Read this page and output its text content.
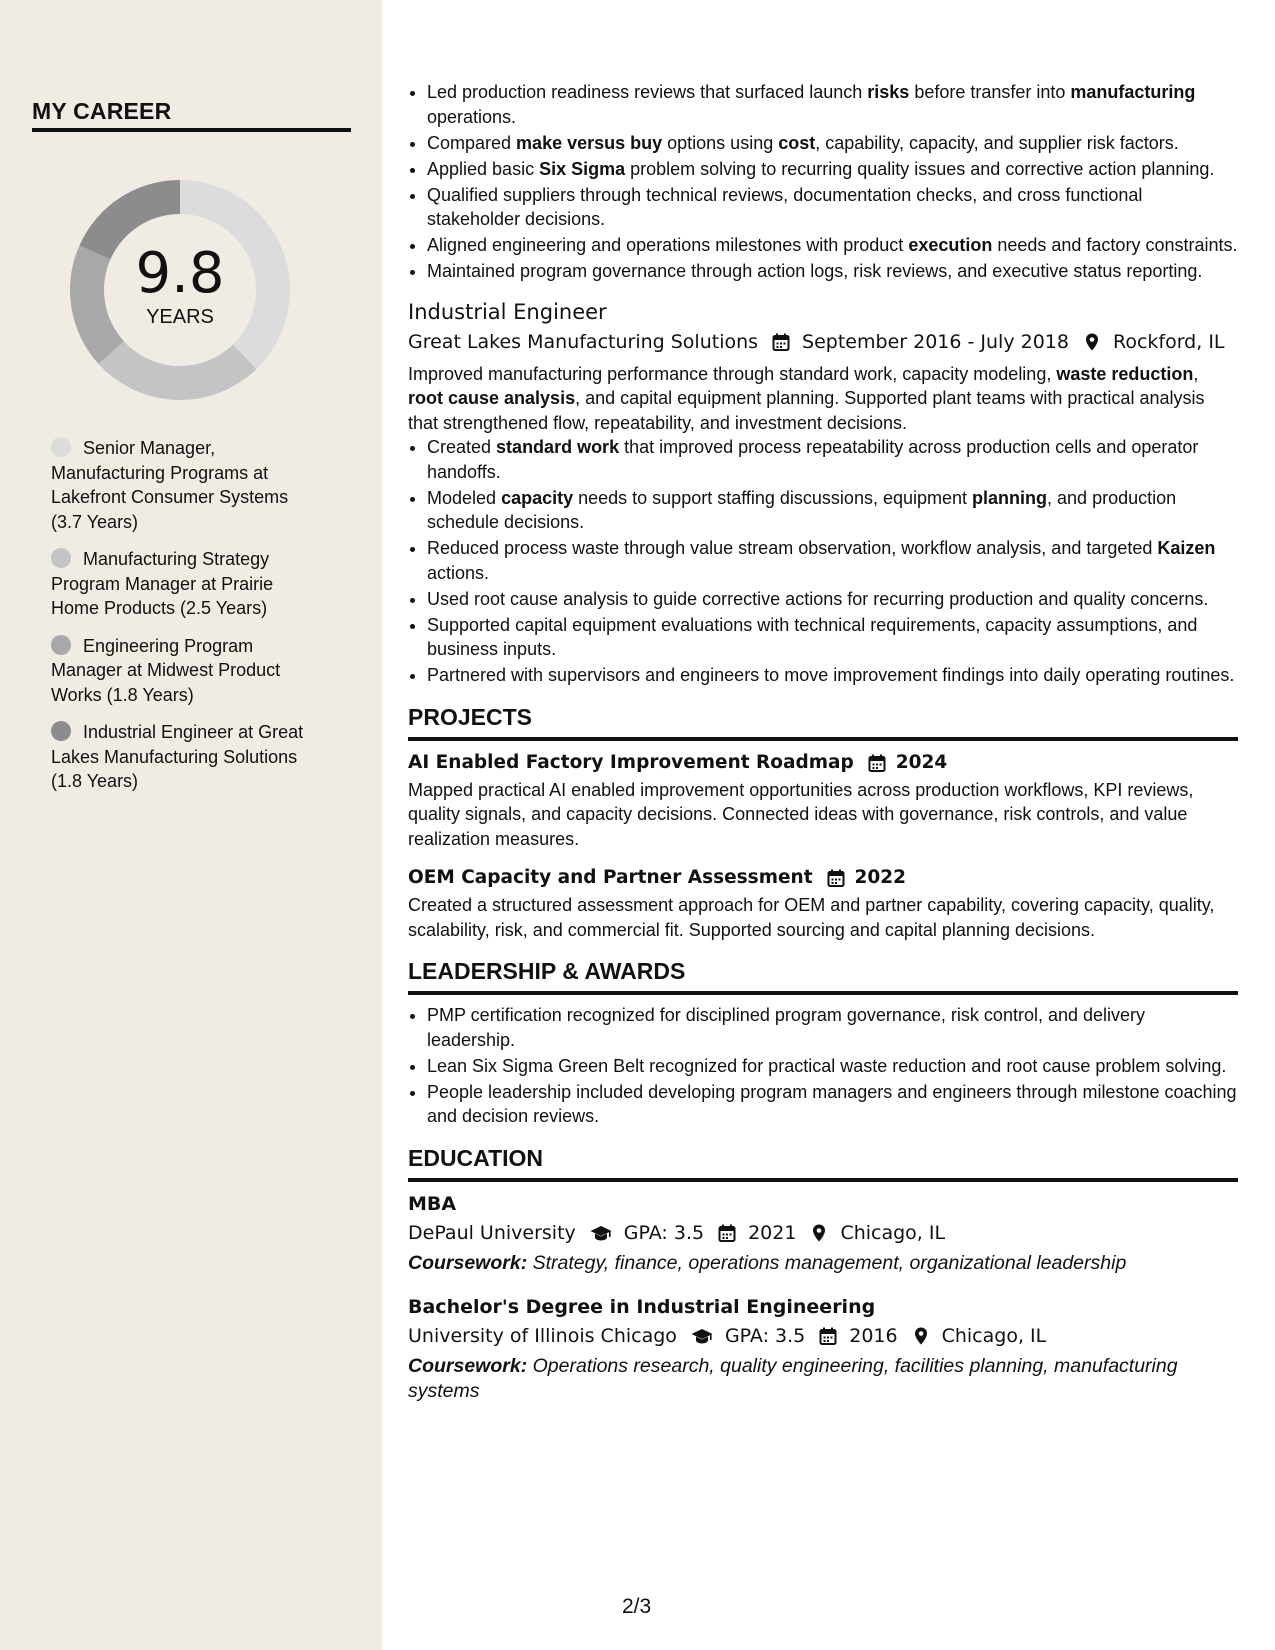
MY CAREER
9.8
YEARS
Senior Manager, Manufacturing Programs at Lakefront Consumer Systems (3.7 Years)
Manufacturing Strategy Program Manager at Prairie Home Products (2.5 Years)
Engineering Program Manager at Midwest Product Works (1.8 Years)
Industrial Engineer at Great Lakes Manufacturing Solutions (1.8 Years)
• Led production readiness reviews that surfaced launch risks before transfer into manufacturing operations.
• Compared make versus buy options using cost, capability, capacity, and supplier risk factors.
• Applied basic Six Sigma problem solving to recurring quality issues and corrective action planning.
• Qualified suppliers through technical reviews, documentation checks, and cross functional stakeholder decisions.
• Aligned engineering and operations milestones with product execution needs and factory constraints.
• Maintained program governance through action logs, risk reviews, and executive status reporting.
Industrial Engineer
Great Lakes Manufacturing Solutions September 2016 - July 2018 Rockford, IL
Improved manufacturing performance through standard work, capacity modeling, waste reduction, root cause analysis, and capital equipment planning. Supported plant teams with practical analysis that strengthened flow, repeatability, and investment decisions.
• Created standard work that improved process repeatability across production cells and operator handoffs.
• Modeled capacity needs to support staffing discussions, equipment planning, and production schedule decisions.
• Reduced process waste through value stream observation, workflow analysis, and targeted Kaizen actions.
• Used root cause analysis to guide corrective actions for recurring production and quality concerns.
• Supported capital equipment evaluations with technical requirements, capacity assumptions, and business inputs.
• Partnered with supervisors and engineers to move improvement findings into daily operating routines.
PROJECTS
AI Enabled Factory Improvement Roadmap 2024
Mapped practical AI enabled improvement opportunities across production workflows, KPI reviews, quality signals, and capacity decisions. Connected ideas with governance, risk controls, and value realization measures.
OEM Capacity and Partner Assessment 2022
Created a structured assessment approach for OEM and partner capability, covering capacity, quality, scalability, risk, and commercial fit. Supported sourcing and capital planning decisions.
LEADERSHIP & AWARDS
• PMP certification recognized for disciplined program governance, risk control, and delivery leadership.
• Lean Six Sigma Green Belt recognized for practical waste reduction and root cause problem solving.
• People leadership included developing program managers and engineers through milestone coaching and decision reviews.
EDUCATION
MBA
DePaul University	GPA: 3.5 2021 Chicago, IL
Coursework: Strategy, finance, operations management, organizational leadership
Bachelor's Degree in Industrial Engineering
University of Illinois Chicago	GPA: 3.5 2016 Chicago, IL
Coursework: Operations research, quality engineering, facilities planning, manufacturing systems
2/3
